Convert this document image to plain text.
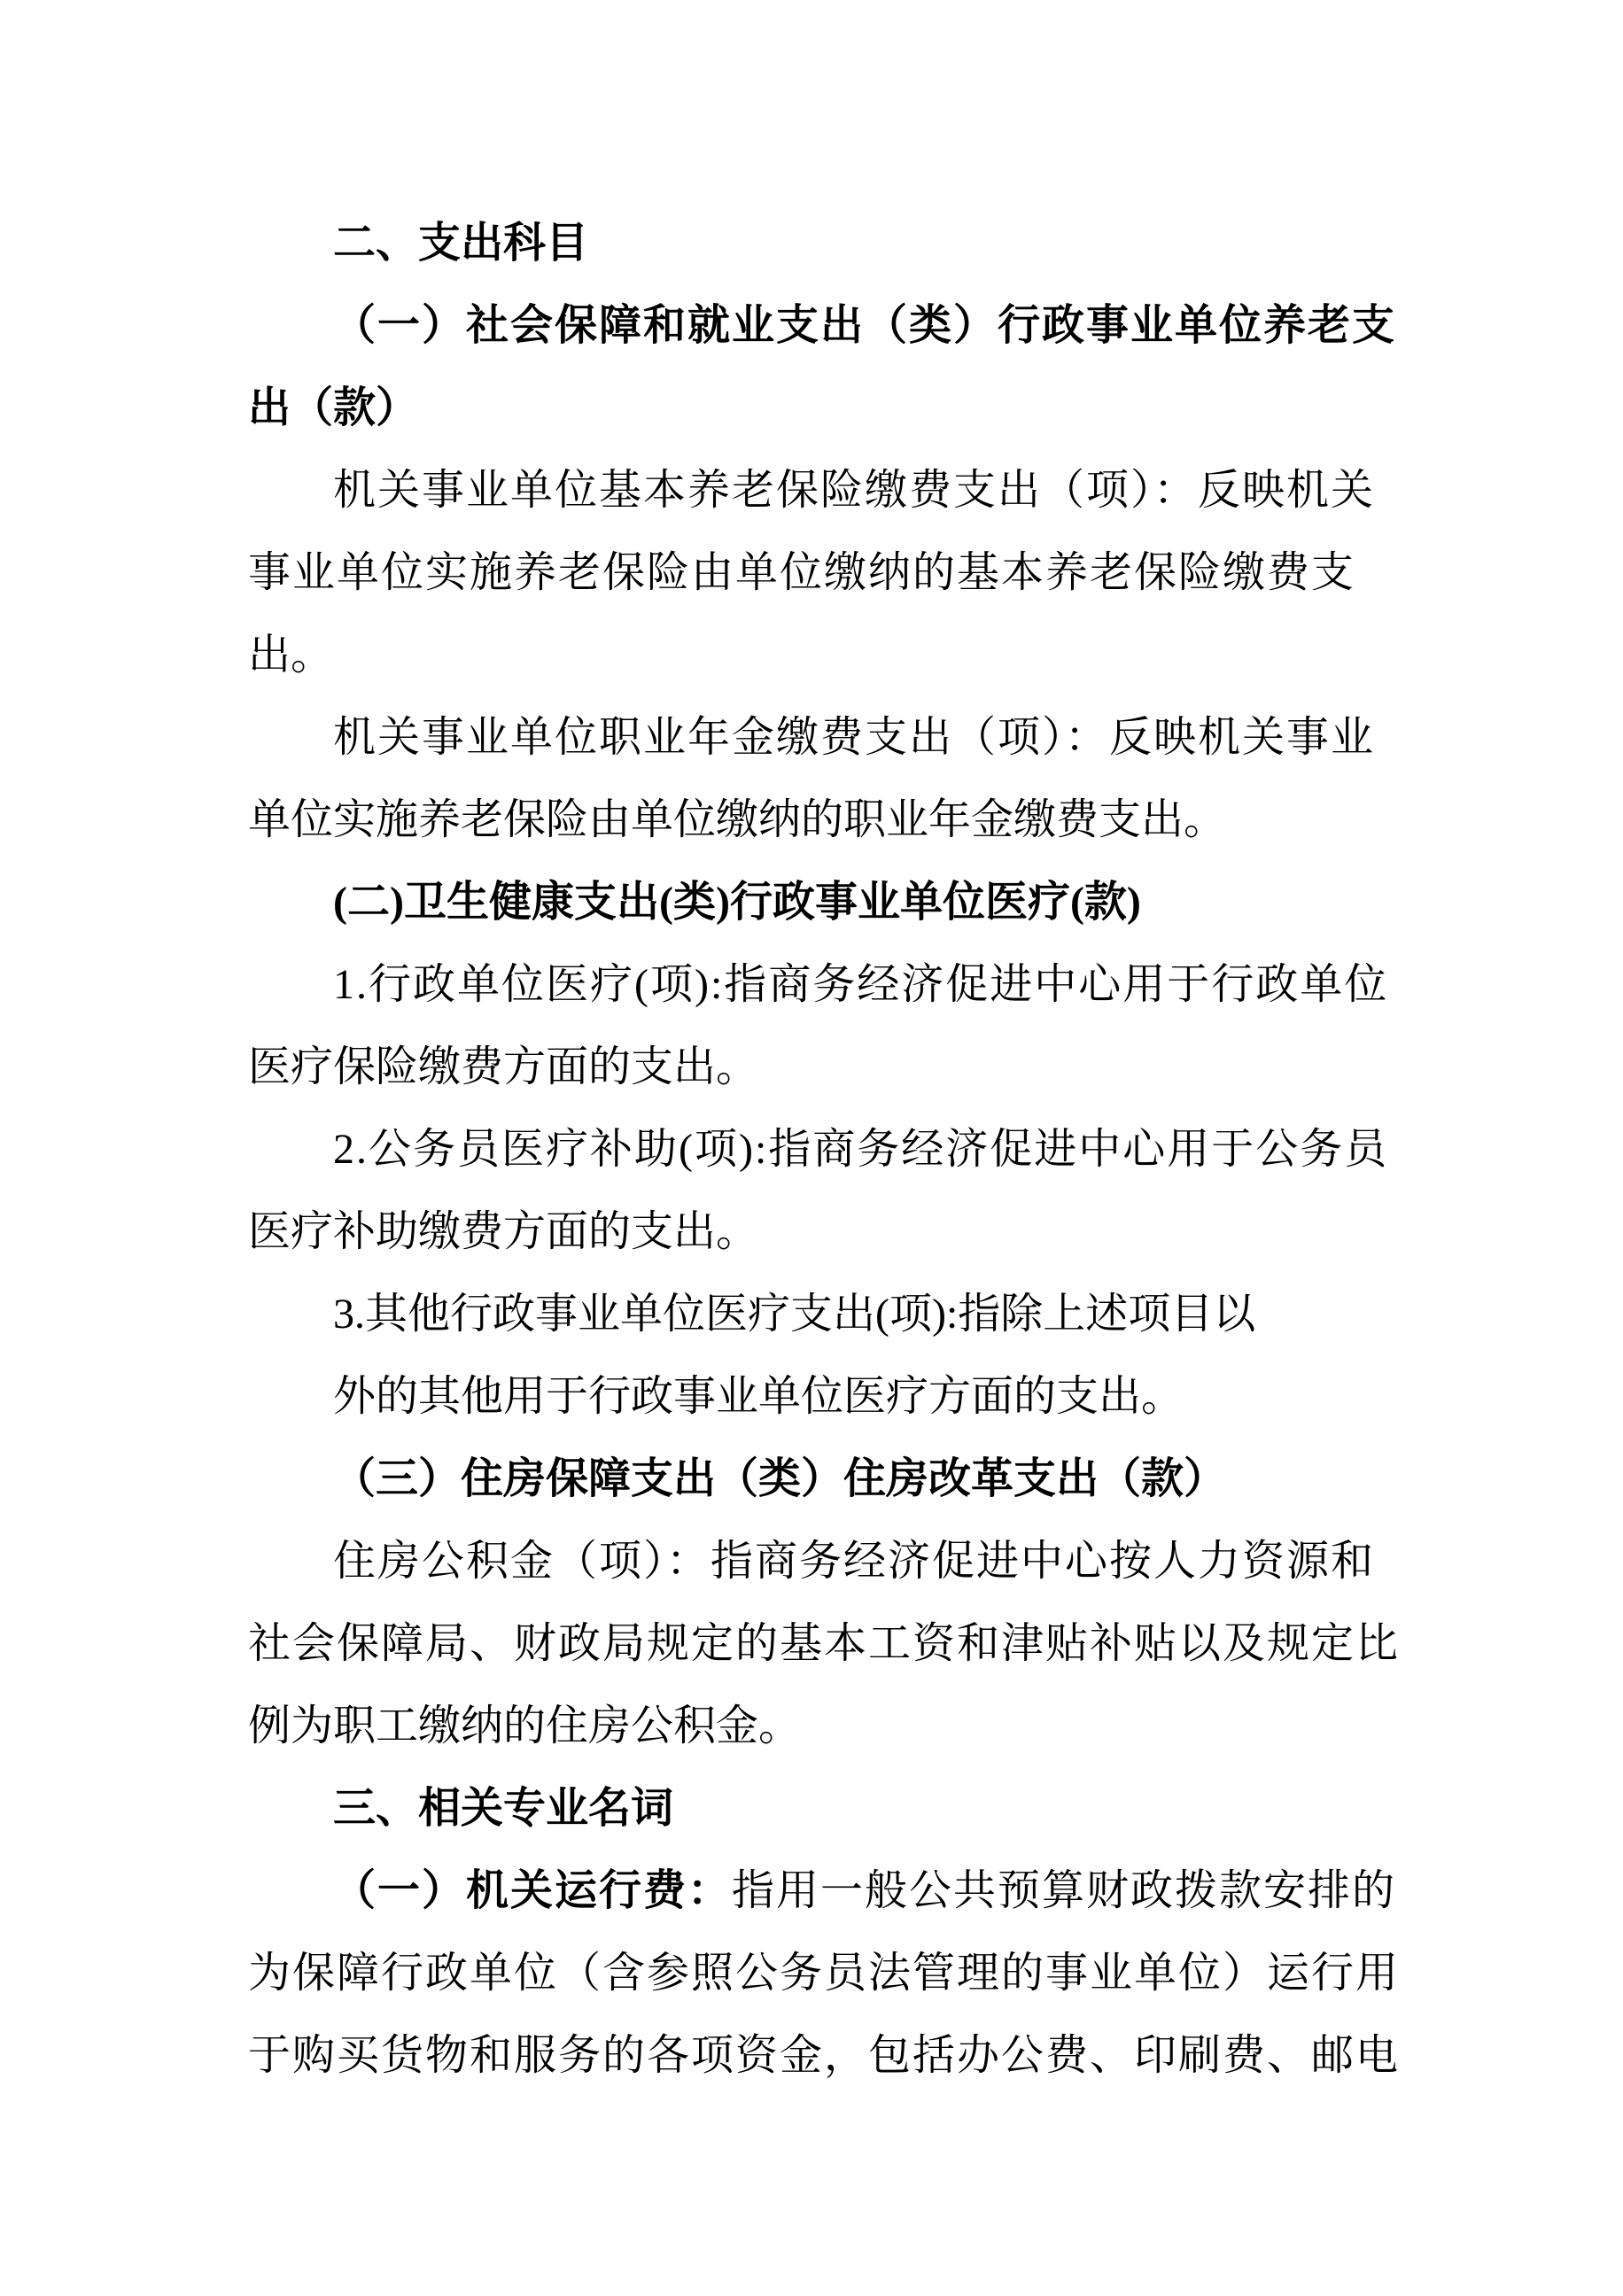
二、支出科目
（一）社会保障和就业支出（类）行政事业单位养老支
出（款）
机关事业单位基本养老保险缴费支出（项）：反映机关
事业单位实施养老保险由单位缴纳的基本养老保险缴费支
出。
机关事业单位职业年金缴费支出（项）：反映机关事业
单位实施养老保险由单位缴纳的职业年金缴费支出。
(二)卫生健康支出(类)行政事业单位医疗(款)
1.行政单位医疗(项):指商务经济促进中心用于行政单位
医疗保险缴费方面的支出。
2.公务员医疗补助(项):指商务经济促进中心用于公务员
医疗补助缴费方面的支出。
3.其他行政事业单位医疗支出(项):指除上述项目以
外的其他用于行政事业单位医疗方面的支出。
（三）住房保障支出（类）住房改革支出（款）
住房公积金（项）：指商务经济促进中心按人力资源和
社会保障局、财政局规定的基本工资和津贴补贴以及规定比
例为职工缴纳的住房公积金。
三、相关专业名词
（一）机关运行费：指用一般公共预算财政拨款安排的
为保障行政单位（含参照公务员法管理的事业单位）运行用
于购买货物和服务的各项资金，包括办公费、印刷费、邮电
